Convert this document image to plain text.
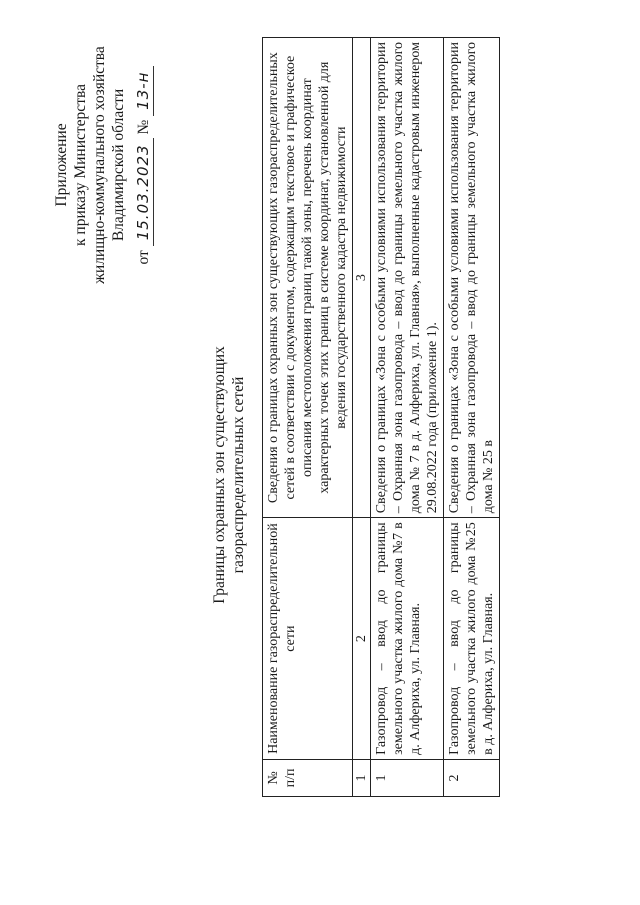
Приложение к приказу Министерства жилищно-коммунального хозяйства Владимирской области
от 15.03.2023 № 13-н
Границы охранных зон существующих газораспределительных сетей
№ п/п	Наименование газораспределительной сети	Сведения о границах охранных зон существующих газораспределительных сетей в соответствии с документом, содержащим текстовое и графическое описания местоположения границ такой зоны, перечень координат характерных точек этих границ в системе координат, установленной для ведения государственного кадастра недвижимости
1	2	3
1	Газопровод – ввод до границы земельного участка жилого дома №7 в д. Алфериха, ул. Главная.	Сведения о границах «Зона с особыми условиями использования территории – Охранная зона газопровода – ввод до границы земельного участка жилого дома № 7 в д. Алфериха, ул. Главная», выполненные кадастровым инженером 29.08.2022 года (приложение 1).
2	Газопровод – ввод до границы земельного участка жилого дома №25 в д. Алфериха, ул. Главная.	Сведения о границах «Зона с особыми условиями использования территории – Охранная зона газопровода – ввод до границы земельного участка жилого дома № 25 в
